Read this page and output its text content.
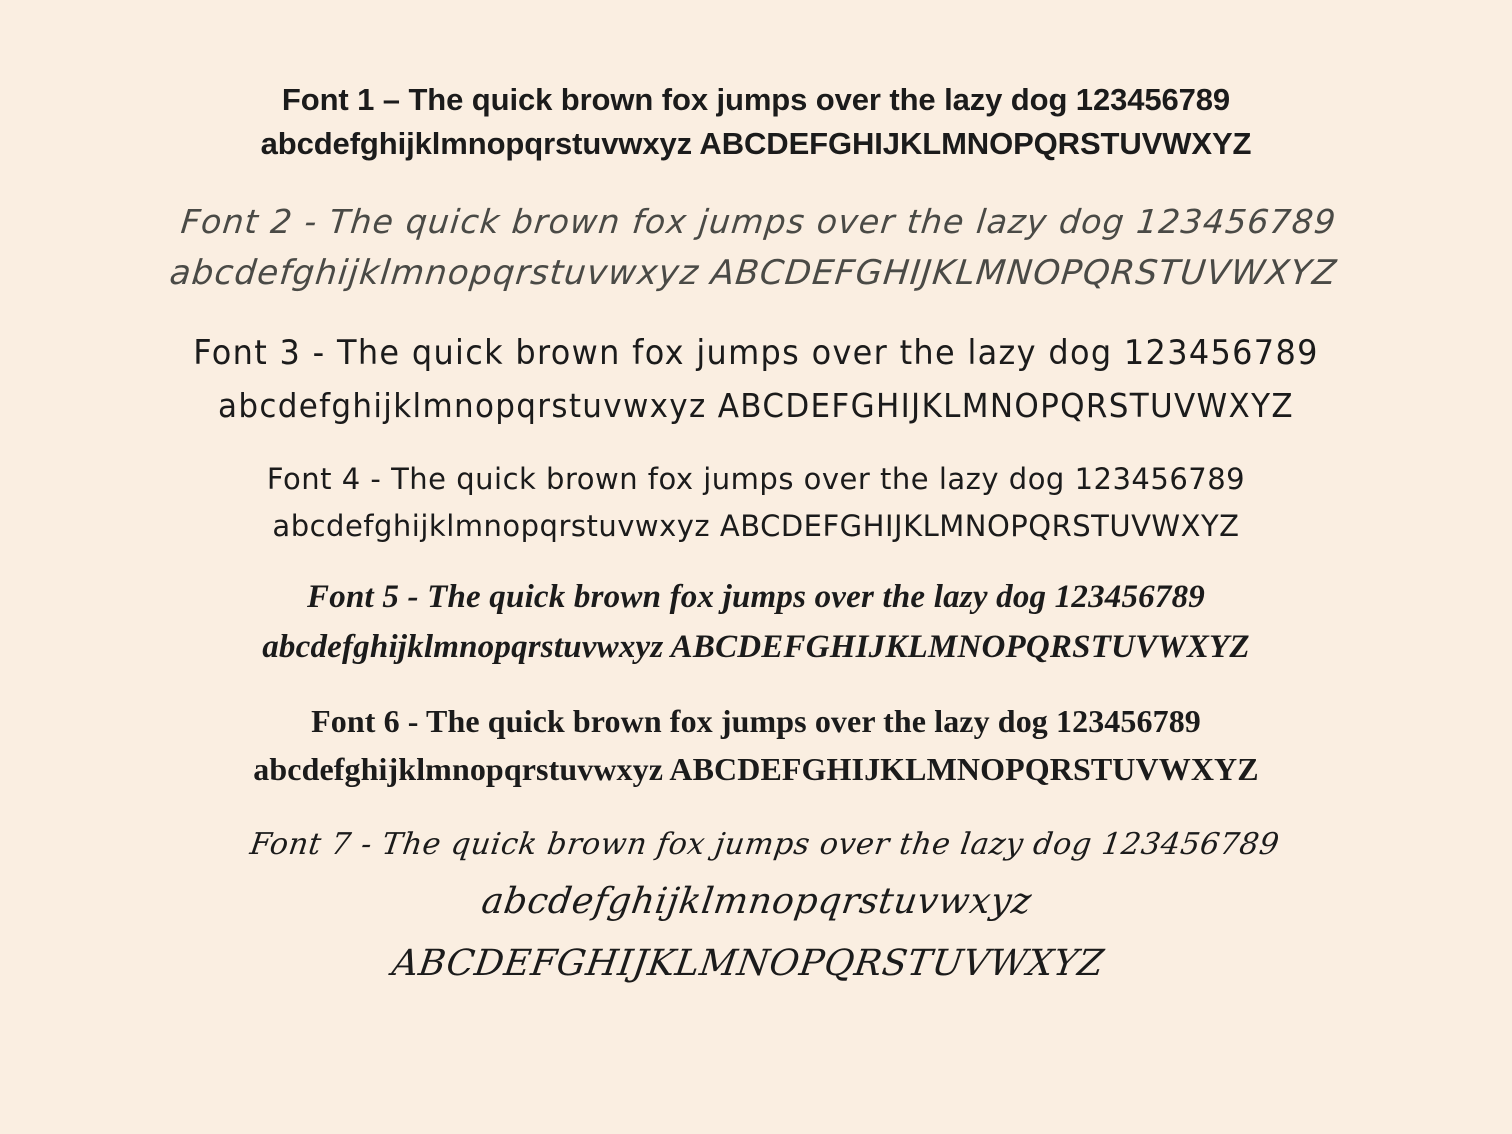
Font 1 – The quick brown fox jumps over the lazy dog 123456789
abcdefghijklmnopqrstuvwxyz ABCDEFGHIJKLMNOPQRSTUVWXYZ
Font 2 - The quick brown fox jumps over the lazy dog 123456789
abcdefghijklmnopqrstuvwxyz ABCDEFGHIJKLMNOPQRSTUVWXYZ
Font 3 - The quick brown fox jumps over the lazy dog 123456789
abcdefghijklmnopqrstuvwxyz ABCDEFGHIJKLMNOPQRSTUVWXYZ
Font 4 - The quick brown fox jumps over the lazy dog 123456789
abcdefghijklmnopqrstuvwxyz ABCDEFGHIJKLMNOPQRSTUVWXYZ
Font 5 - The quick brown fox jumps over the lazy dog 123456789
abcdefghijklmnopqrstuvwxyz ABCDEFGHIJKLMNOPQRSTUVWXYZ
Font 6 - The quick brown fox jumps over the lazy dog 123456789
abcdefghijklmnopqrstuvwxyz ABCDEFGHIJKLMNOPQRSTUVWXYZ
Font 7 - The quick brown fox jumps over the lazy dog 123456789
abcdefghijklmnopqrstuvwxyz ABCDEFGHIJKLMNOPQRSTUVWXYZ
